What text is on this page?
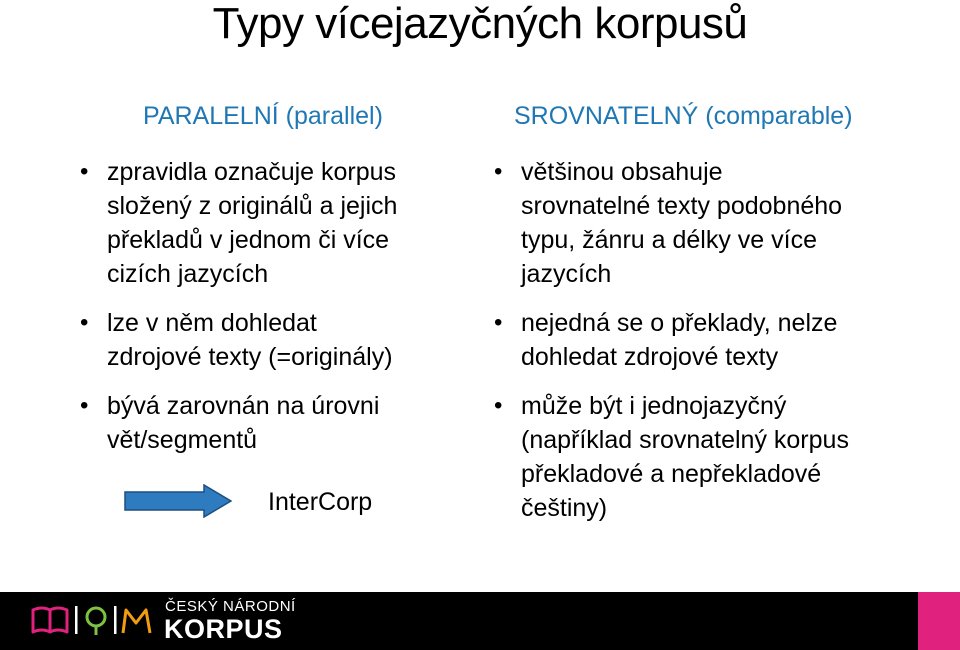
Typy vícejazyčných korpusů
PARALELNÍ (parallel)
• zpravidla označuje korpus
složený z originálů a jejich
překladů v jednom či více
cizích jazycích
• lze v něm dohledat
zdrojové texty (=originály)
• bývá zarovnán na úrovni
vět/segmentů
InterCorp
SROVNATELNÝ (comparable)
• většinou obsahuje
srovnatelné texty podobného
typu, žánru a délky ve více
jazycích
• nejedná se o překlady, nelze
dohledat zdrojové texty
• může být i jednojazyčný
(například srovnatelný korpus
překladové a nepřekladové
češtiny)
ČESKÝ NÁRODNÍ
KORPUS
